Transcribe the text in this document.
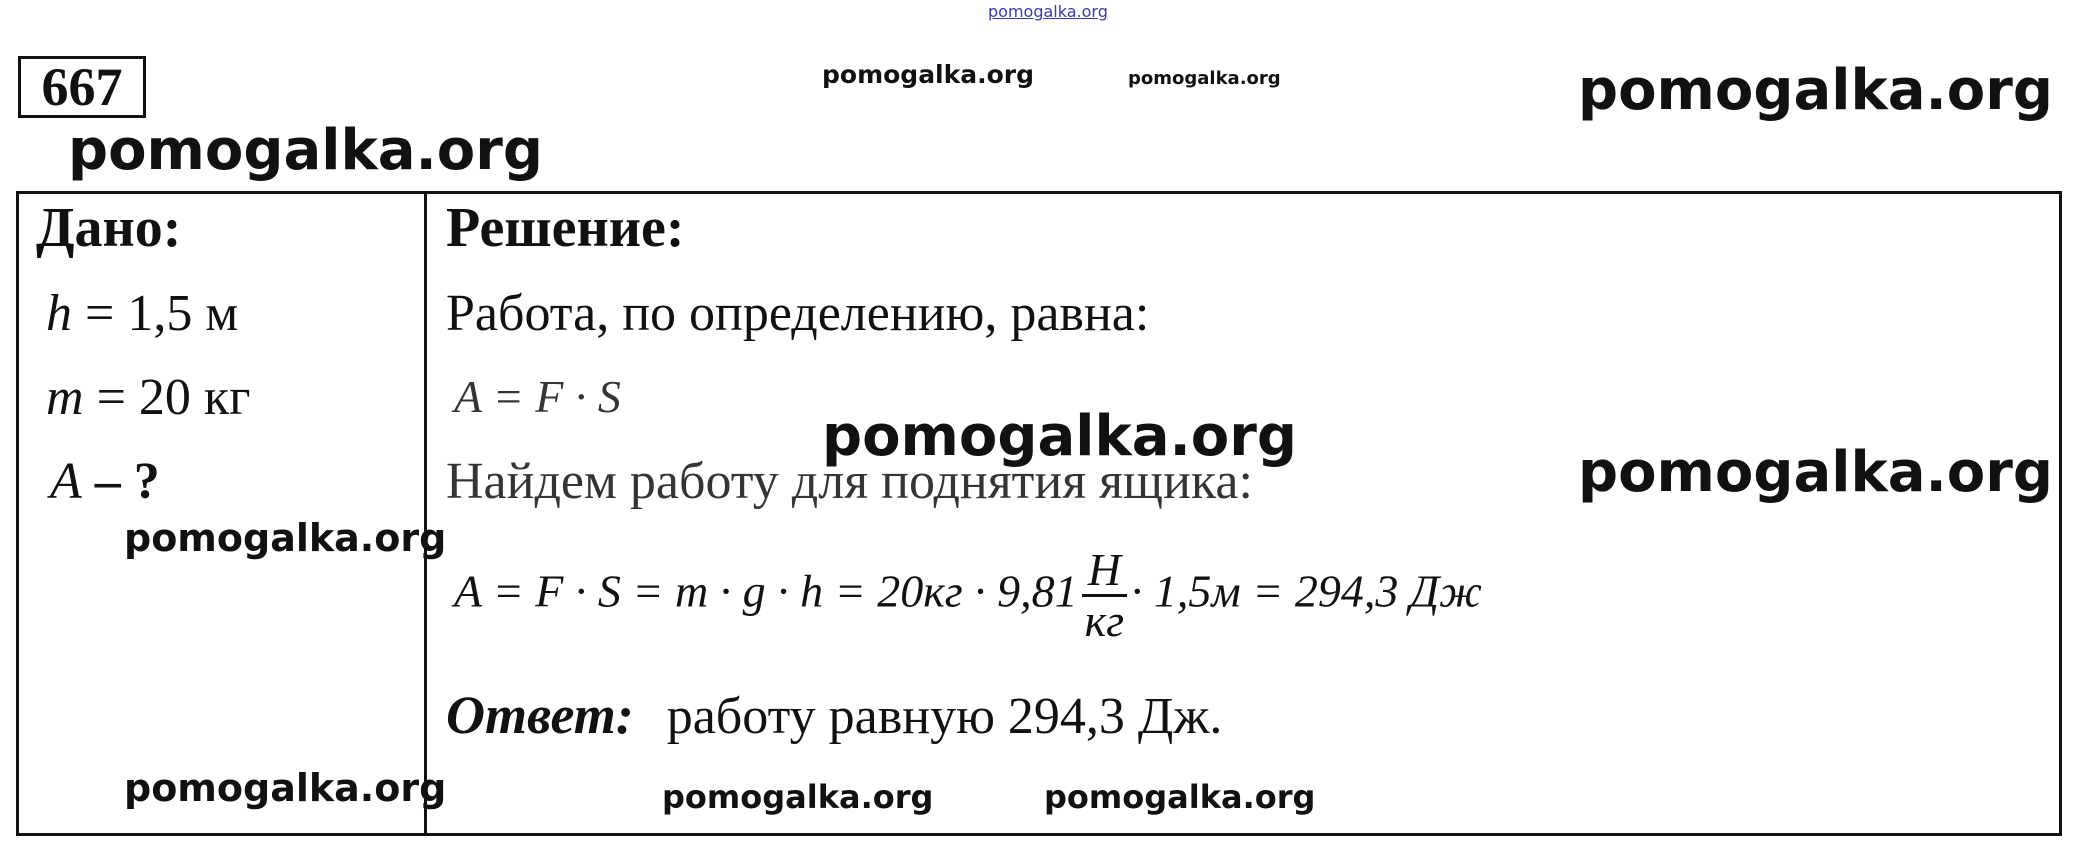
pomogalka.org
667
pomogalka.org
pomogalka.org	pomogalka.org	pomogalka.org
Дано:
h = 1,5 м
m = 20 кг
A – ?
pomogalka.org
pomogalka.org
Решение:
Работа, по определению, равна:
A = F · S
Найдем работу для поднятия ящика:
pomogalka.org
pomogalka.org
$A = F \cdot S = m \cdot g \cdot h = 20кг \cdot 9,81 \frac{H}{кг} \cdot 1,5м = 294,3$ Дж
Ответ: работу равную 294,3 Дж.
pomogalka.org	pomogalka.org
